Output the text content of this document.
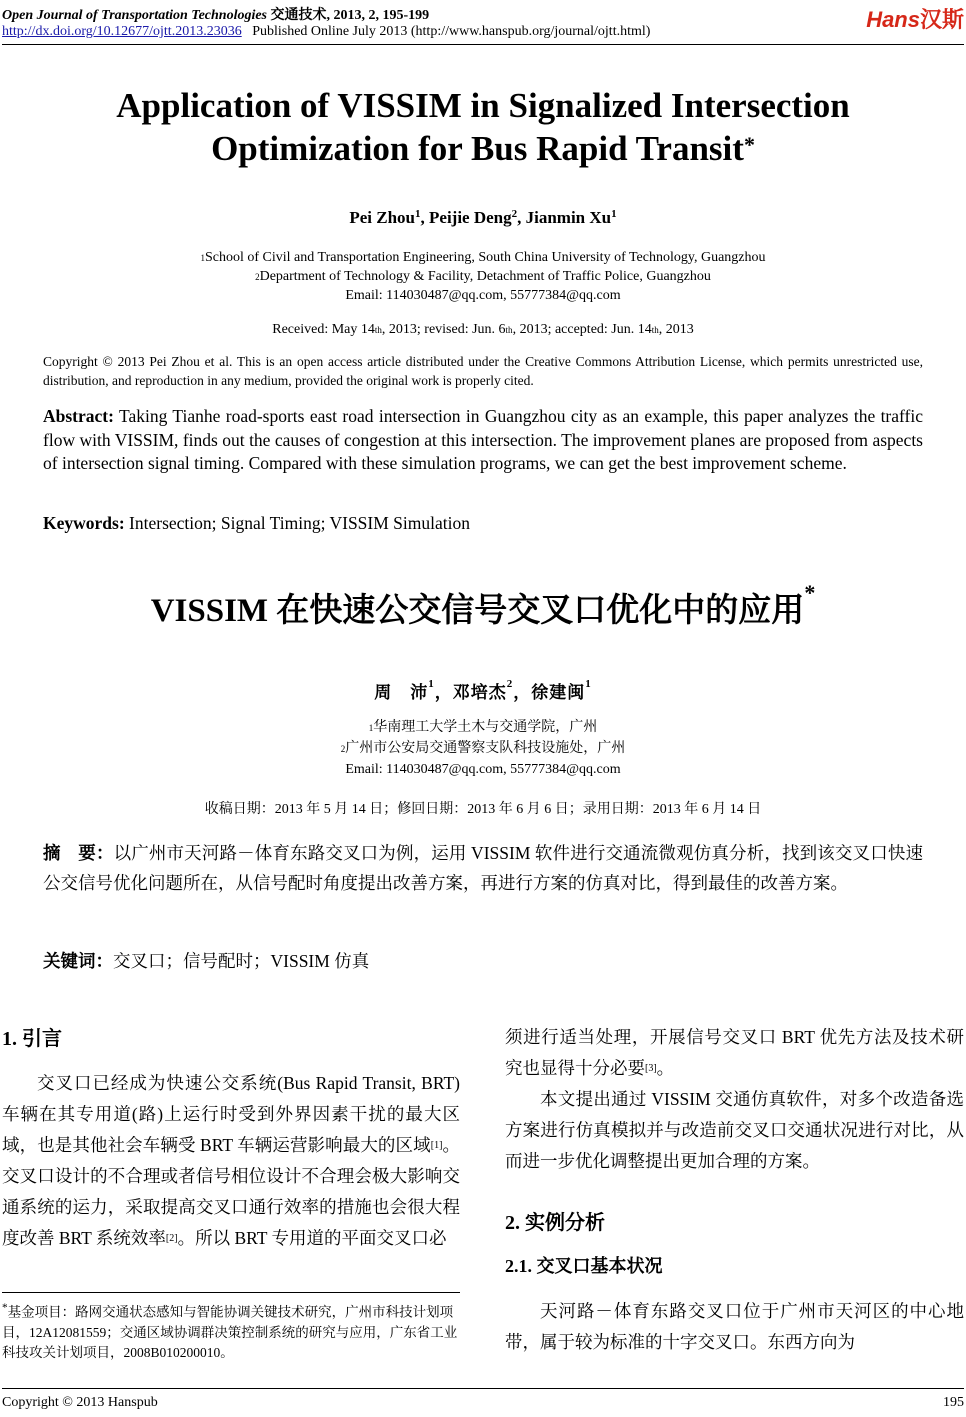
Open Journal of Transportation Technologies 交通技术, 2013, 2, 195-199
http://dx.doi.org/10.12677/ojtt.2013.23036 Published Online July 2013 (http://www.hanspub.org/journal/ojtt.html)	Hans汉斯
Application of VISSIM in Signalized Intersection
Optimization for Bus Rapid Transit*
Pei Zhou$^1$, Peijie Deng$^2$, Jianmin Xu$^1$
$^1$School of Civil and Transportation Engineering, South China University of Technology, Guangzhou
$^2$Department of Technology & Facility, Detachment of Traffic Police, Guangzhou
Email: 114030487@qq.com, 55777384@qq.com
Received: May 14th, 2013; revised: Jun. 6th, 2013; accepted: Jun. 14th, 2013
Copyright © 2013 Pei Zhou et al. This is an open access article distributed under the Creative Commons Attribution License, which permits unrestricted use, distribution, and reproduction in any medium, provided the original work is properly cited.
Abstract: Taking Tianhe road-sports east road intersection in Guangzhou city as an example, this paper analyzes the traffic flow with VISSIM, finds out the causes of congestion at this intersection. The improvement planes are proposed from aspects of intersection signal timing. Compared with these simulation programs, we can get the best improvement scheme.
Keywords: Intersection; Signal Timing; VISSIM Simulation
VISSIM 在快速公交信号交叉口优化中的应用*
周　沛$^1$，邓培杰$^2$，徐建闽$^1$
$^1$华南理工大学土木与交通学院，广州
$^2$广州市公安局交通警察支队科技设施处，广州
Email: 114030487@qq.com, 55777384@qq.com
收稿日期：2013 年 5 月 14 日；修回日期：2013 年 6 月 6 日；录用日期：2013 年 6 月 14 日
摘　要：以广州市天河路－体育东路交叉口为例，运用 VISSIM 软件进行交通流微观仿真分析，找到该交叉口快速公交信号优化问题所在，从信号配时角度提出改善方案，再进行方案的仿真对比，得到最佳的改善方案。
关键词：交叉口；信号配时；VISSIM 仿真
1. 引言

交叉口已经成为快速公交系统(Bus Rapid Transit, BRT)车辆在其专用道(路)上运行时受到外界因素干扰的最大区域，也是其他社会车辆受 BRT 车辆运营影响最大的区域[1]。交叉口设计的不合理或者信号相位设计不合理会极大影响交通系统的运力，采取提高交叉口通行效率的措施也会很大程度改善 BRT 系统效率[2]。所以 BRT 专用道的平面交叉口必

*基金项目：路网交通状态感知与智能协调关键技术研究，广州市科技计划项目，12A12081559；交通区域协调群决策控制系统的研究与应用，广东省工业科技攻关计划项目，2008B010200010。

须进行适当处理，开展信号交叉口 BRT 优先方法及技术研究也显得十分必要[3]。

本文提出通过 VISSIM 交通仿真软件，对多个改造备选方案进行仿真模拟并与改造前交叉口交通状况进行对比，从而进一步优化调整提出更加合理的方案。

2. 实例分析
2.1. 交叉口基本状况

天河路－体育东路交叉口位于广州市天河区的中心地带，属于较为标准的十字交叉口。东西方向为

Copyright © 2013 Hanspub	195
